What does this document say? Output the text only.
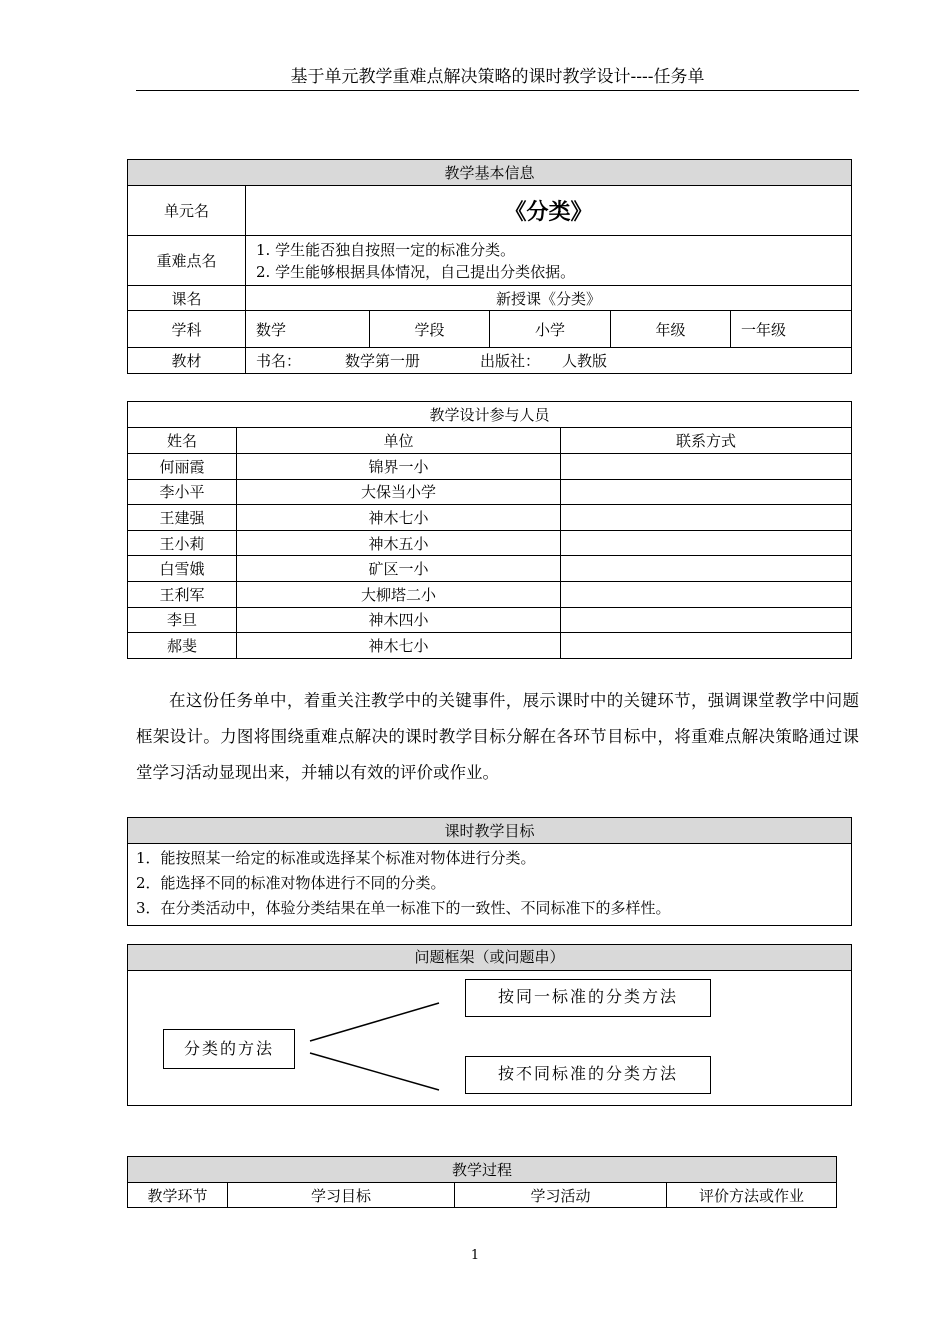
基于单元教学重难点解决策略的课时教学设计----任务单
教学基本信息					
单元名	《分类》				
重难点名	1. 学生能否独自按照一定的标准分类。
2. 学生能够根据具体情况，自己提出分类依据。				

课名	新授课《分类》				
学科	数学	学段	小学	年级	一年级
教材	书名： 数学第一册 出版社： 人教版				
教学设计参与人员		
姓名	单位	联系方式
何丽霞	锦界一小	
李小平	大保当小学	
王建强	神木七小	
王小莉	神木五小	
白雪娥	矿区一小	
王利军	大柳塔二小	
李旦	神木四小	
郝斐	神木七小	

在这份任务单中，着重关注教学中的关键事件，展示课时中的关键环节，强调课堂教学中问题框架设计。力图将围绕重难点解决的课时教学目标分解在各环节目标中，将重难点解决策略通过课堂学习活动显现出来，并辅以有效的评价或作业。

课时教学目标

1．能按照某一给定的标准或选择某个标准对物体进行分类。
2．能选择不同的标准对物体进行不同的分类。
3．在分类活动中，体验分类结果在单一标准下的一致性、不同标准下的多样性。
问题框架（或问题串）
分类的方法
按同一标准的分类方法
按不同标准的分类方法
教学过程
教学环节	学习目标	学习活动	评价方法或作业
1
